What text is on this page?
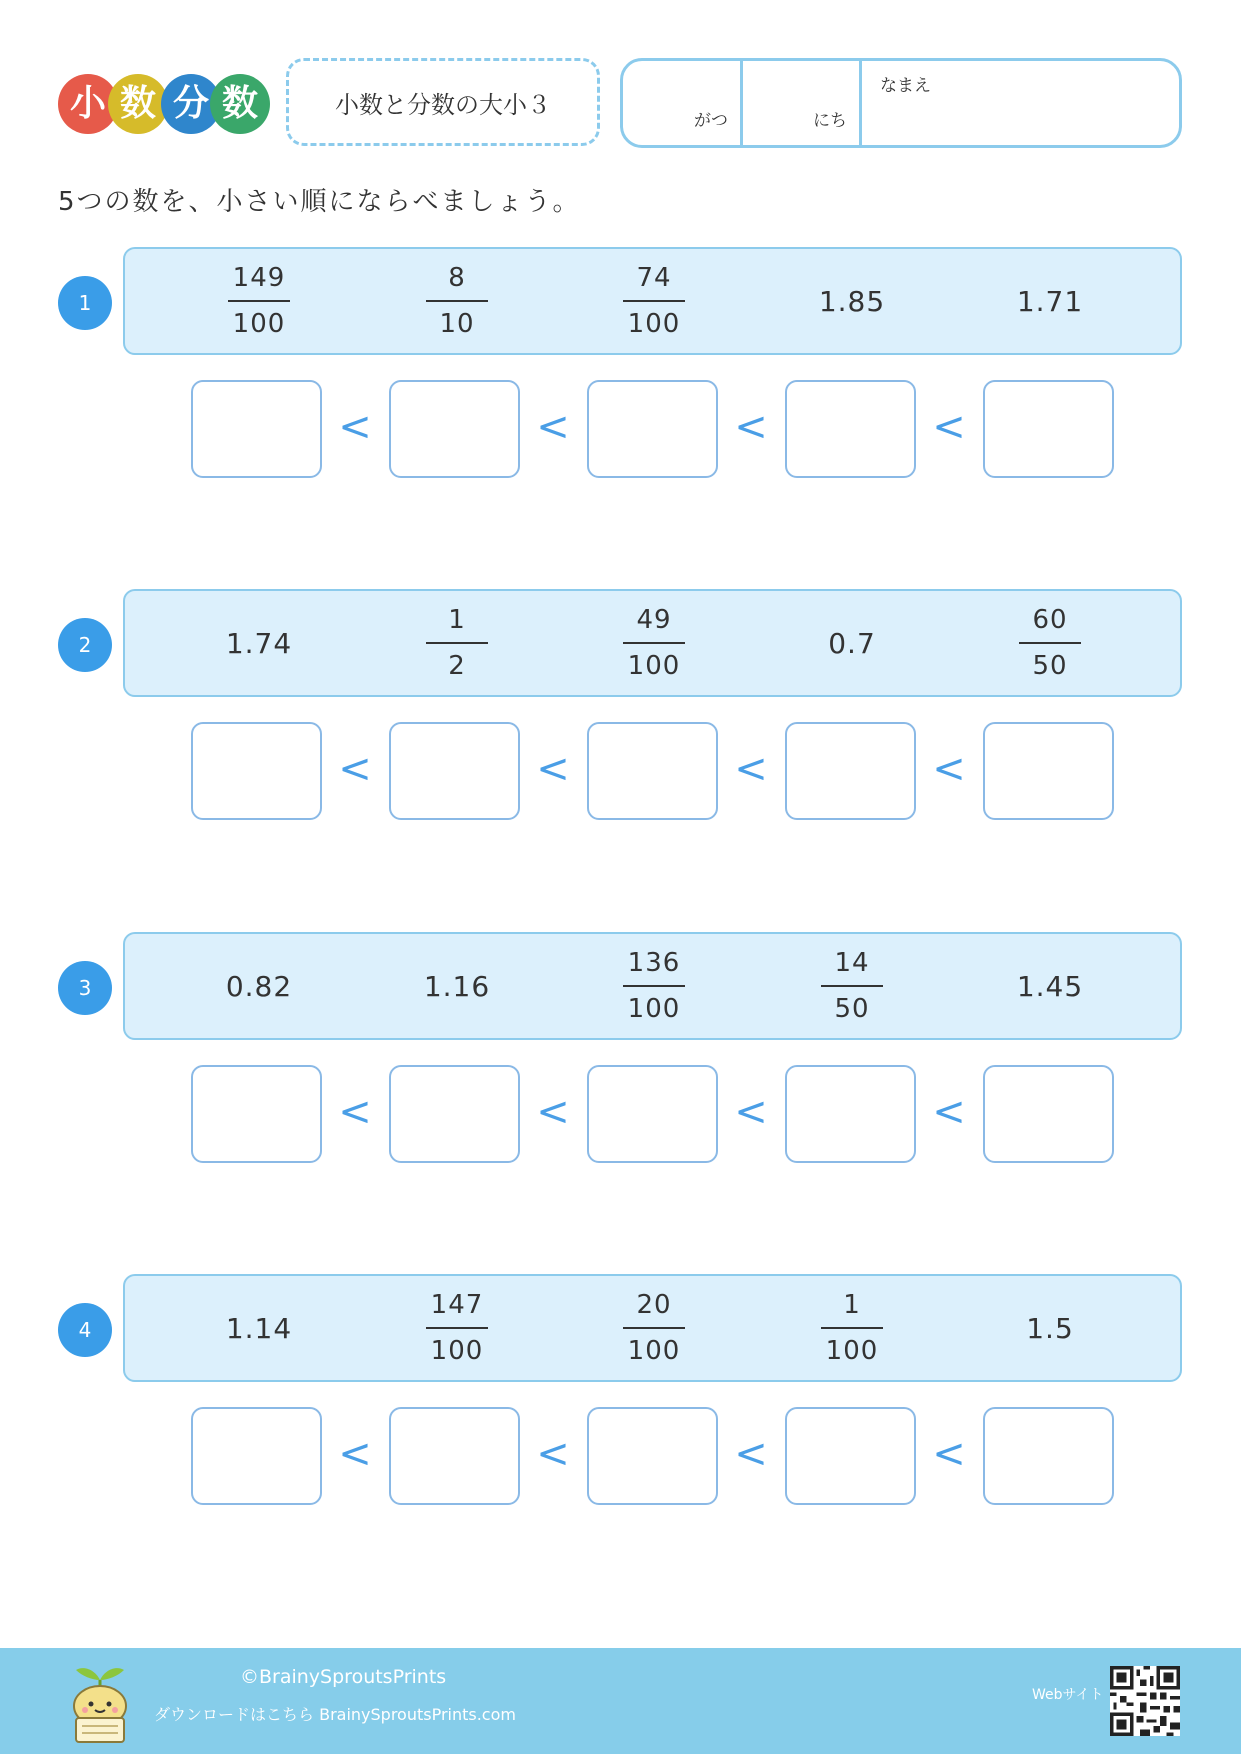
小 数 分 数	小数と分数の大小３
がつ	にち
なまえ
5つの数を、小さい順にならべましょう。
1	$\frac{149}{100}$	$\frac{8}{10}$	$\frac{74}{100}$	1.85	1.71
<	<	<	<
2	1.74	$\frac{1}{2}$	$\frac{49}{100}$	0.7	$\frac{60}{50}$
<	<	<	<
3	0.82	1.16	$\frac{136}{100}$	$\frac{14}{50}$	1.45
<	<	<	<
4	1.14	$\frac{147}{100}$	$\frac{20}{100}$	$\frac{1}{100}$	1.5
<	<	<	<
©BrainySproutsPrints
ダウンロードはこちら BrainySproutsPrints.com
Webサイト
